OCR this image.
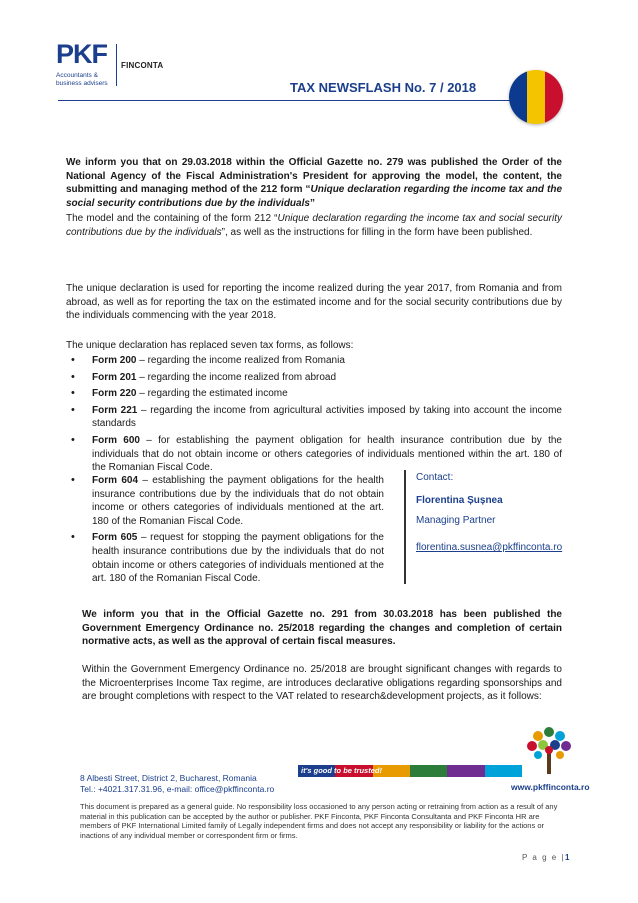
PKF
Accountants &
business advisers
FINCONTA
TAX NEWSFLASH No. 7 / 2018
We inform you that on 29.03.2018 within the Official Gazette no. 279 was published the Order of the National Agency of the Fiscal Administration's President for approving the model, the content, the submitting and managing method of the 212 form “Unique declaration regarding the income tax and the social security contributions due by the individuals”
The model and the containing of the form 212 “Unique declaration regarding the income tax and social security contributions due by the individuals”, as well as the instructions for filling in the form have been published.
The unique declaration is used for reporting the income realized during the year 2017, from Romania and from abroad, as well as for reporting the tax on the estimated income and for the social security contributions due by the individuals commencing with the year 2018.
The unique declaration has replaced seven tax forms, as follows:
• Form 200 – regarding the income realized from Romania
• Form 201 – regarding the income realized from abroad
• Form 220 – regarding the estimated income
• Form 221 – regarding the income from agricultural activities imposed by taking into account the income standards
• Form 600 – for establishing the payment obligation for health insurance contribution due by the individuals that do not obtain income or others categories of individuals mentioned within the art. 180 of the Romanian Fiscal Code.
• Form 604 – establishing the payment obligations for the health insurance contributions due by the individuals that do not obtain income or others categories of individuals mentioned at the art. 180 of the Romanian Fiscal Code.
• Form 605 – request for stopping the payment obligations for the health insurance contributions due by the individuals that do not obtain income or others categories of individuals mentioned at the art. 180 of the Romanian Fiscal Code.
Contact:
Florentina Șușnea
Managing Partner
florentina.susnea@pkffinconta.ro
We inform you that in the Official Gazette no. 291 from 30.03.2018 has been published the Government Emergency Ordinance no. 25/2018 regarding the changes and completion of certain normative acts, as well as the approval of certain fiscal measures.
Within the Government Emergency Ordinance no. 25/2018 are brought significant changes with regards to the Microenterprises Income Tax regime, are introduces declarative obligations regarding sponsorships and are brought completions with respect to the VAT related to research&development projects, as it follows:
it's good to be trusted!
www.pkffinconta.ro
8 Albesti Street, District 2, Bucharest, Romania
Tel.: +4021.317.31.96, e-mail: office@pkffinconta.ro
This document is prepared as a general guide. No responsibility loss occasioned to any person acting or retraining from action as a result of any material in this publication can be accepted by the author or publisher. PKF Finconta, PKF Finconta Consultanta and PKF Finconta HR are members of PKF International Limited family of Legally independent firms and does not accept any responsibility or liability for the actions or inactions of any individual member or correspondent firm or firms.
P a g e |1
